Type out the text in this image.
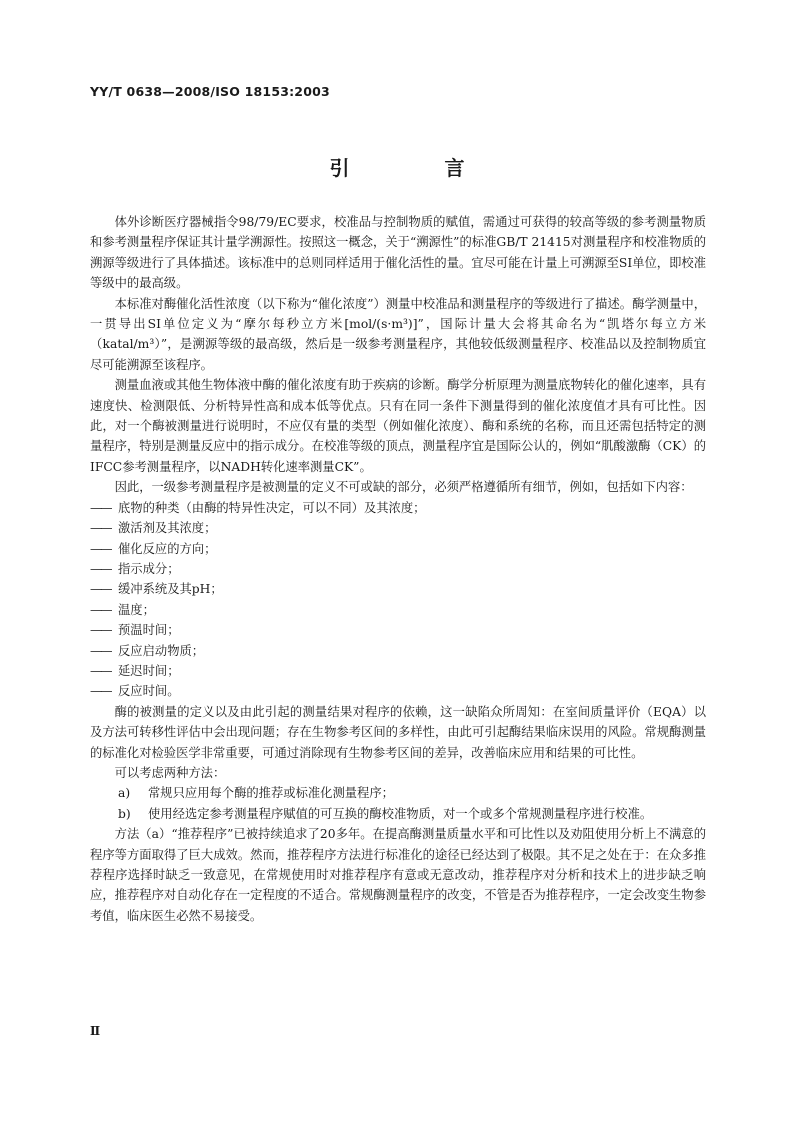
YY/T 0638—2008/ISO 18153:2003
引 言

体外诊断医疗器械指令98/79/EC要求，校准品与控制物质的赋值，需通过可获得的较高等级的参考测量物质和参考测量程序保证其计量学溯源性。按照这一概念，关于“溯源性”的标准GB/T 21415对测量程序和校准物质的溯源等级进行了具体描述。该标准中的总则同样适用于催化活性的量。宜尽可能在计量上可溯源至SI单位，即校准等级中的最高级。

本标准对酶催化活性浓度（以下称为“催化浓度”）测量中校准品和测量程序的等级进行了描述。酶学测量中，一贯导出SI单位定义为“摩尔每秒立方米[mol/(s·m³)]”，国际计量大会将其命名为“凯塔尔每立方米（katal/m³）”，是溯源等级的最高级，然后是一级参考测量程序，其他较低级测量程序、校准品以及控制物质宜尽可能溯源至该程序。

测量血液或其他生物体液中酶的催化浓度有助于疾病的诊断。酶学分析原理为测量底物转化的催化速率，具有速度快、检测限低、分析特异性高和成本低等优点。只有在同一条件下测量得到的催化浓度值才具有可比性。因此，对一个酶被测量进行说明时，不应仅有量的类型（例如催化浓度）、酶和系统的名称，而且还需包括特定的测量程序，特别是测量反应中的指示成分。在校准等级的顶点，测量程序宜是国际公认的，例如“肌酸激酶（CK）的IFCC参考测量程序，以NADH转化速率测量CK”。

因此，一级参考测量程序是被测量的定义不可或缺的部分，必须严格遵循所有细节，例如，包括如下内容：

—— 底物的种类（由酶的特异性决定，可以不同）及其浓度；

—— 激活剂及其浓度；

—— 催化反应的方向；

—— 指示成分；

—— 缓冲系统及其pH；

—— 温度；

—— 预温时间；

—— 反应启动物质；

—— 延迟时间；

—— 反应时间。

酶的被测量的定义以及由此引起的测量结果对程序的依赖，这一缺陷众所周知：在室间质量评价（EQA）以及方法可转移性评估中会出现问题；存在生物参考区间的多样性，由此可引起酶结果临床误用的风险。常规酶测量的标准化对检验医学非常重要，可通过消除现有生物参考区间的差异，改善临床应用和结果的可比性。

可以考虑两种方法：

a) 常规只应用每个酶的推荐或标准化测量程序；

b) 使用经选定参考测量程序赋值的可互换的酶校准物质，对一个或多个常规测量程序进行校准。

方法（a）“推荐程序”已被持续追求了20多年。在提高酶测量质量水平和可比性以及劝阻使用分析上不满意的程序等方面取得了巨大成效。然而，推荐程序方法进行标准化的途径已经达到了极限。其不足之处在于：在众多推荐程序选择时缺乏一致意见，在常规使用时对推荐程序有意或无意改动，推荐程序对分析和技术上的进步缺乏响应，推荐程序对自动化存在一定程度的不适合。常规酶测量程序的改变，不管是否为推荐程序，一定会改变生物参考值，临床医生必然不易接受。

Ⅱ
